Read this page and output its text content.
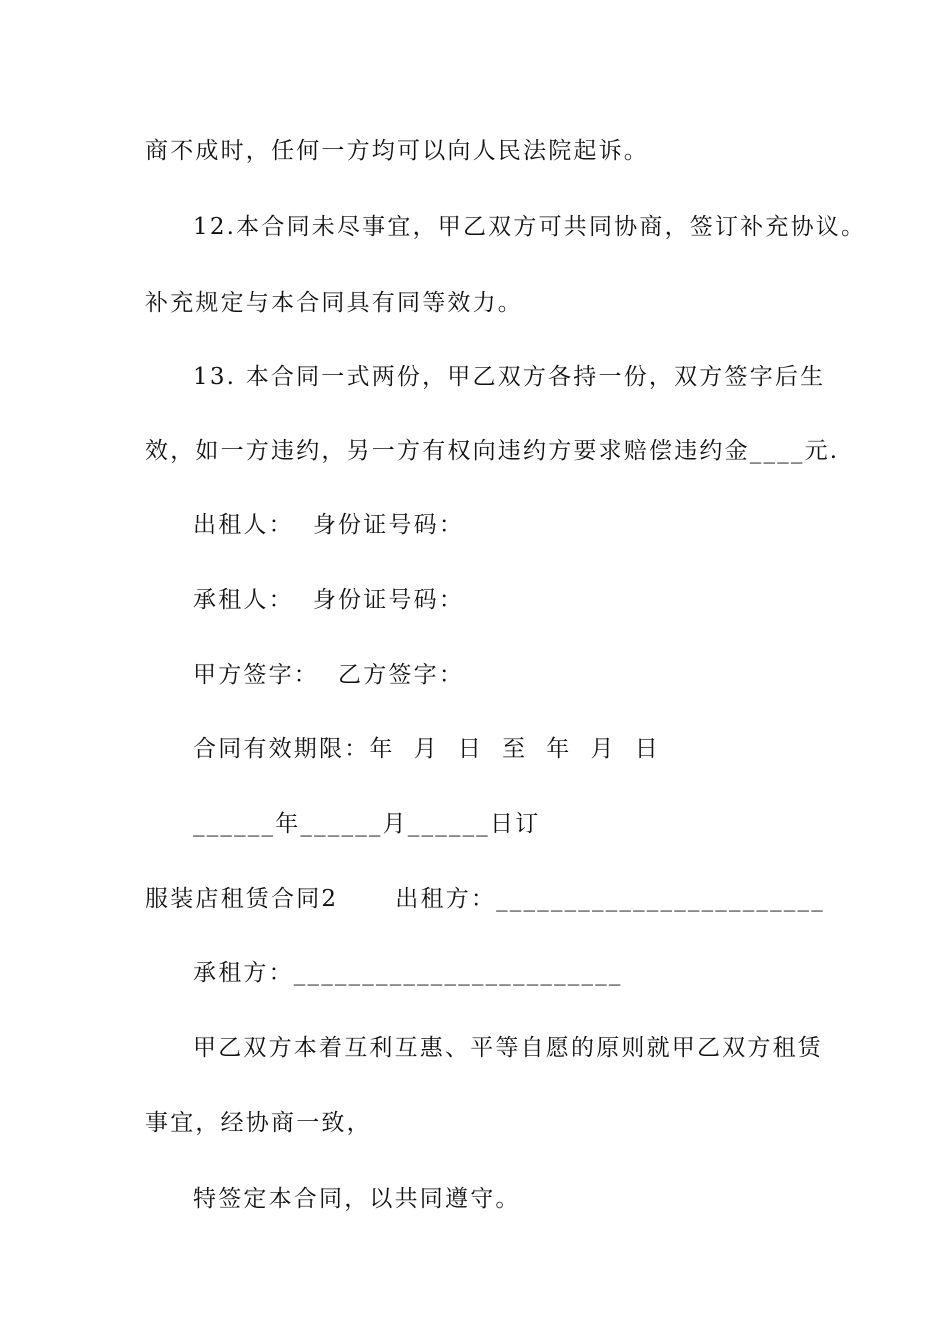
商不成时，任何一方均可以向人民法院起诉。
12.本合同未尽事宜，甲乙双方可共同协商，签订补充协议。
补充规定与本合同具有同等效力。
13. 本合同一式两份，甲乙双方各持一份，双方签字后生
效，如一方违约，另一方有权向违约方要求赔偿违约金____元.
出租人：  身份证号码：
承租人：  身份证号码：
甲方签字：  乙方签字：
合同有效期限：年  月  日  至  年  月  日
______年______月______日订
服装店租赁合同2      出租方：________________________
承租方：________________________
甲乙双方本着互利互惠、平等自愿的原则就甲乙双方租赁
事宜，经协商一致，
特签定本合同，以共同遵守。
